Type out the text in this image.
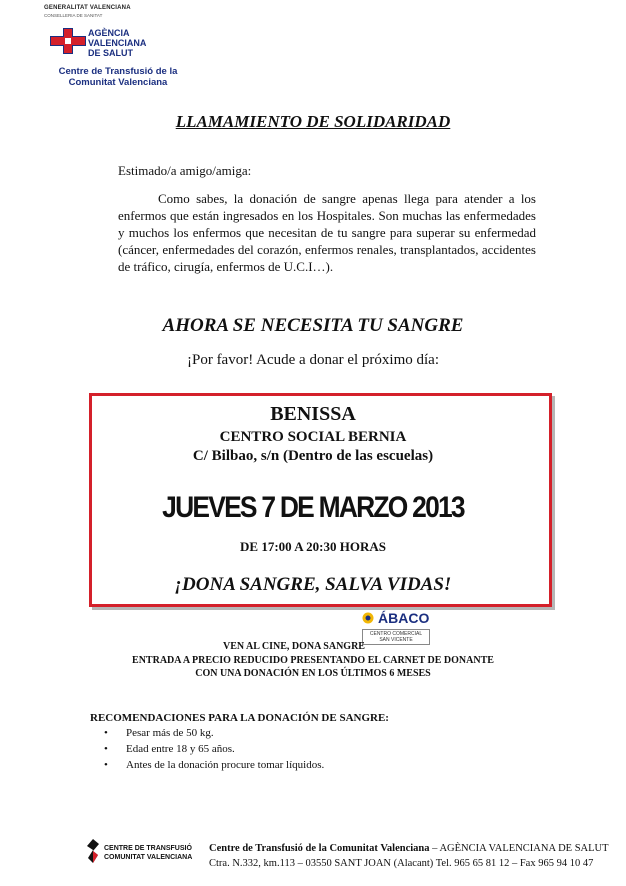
GENERALITAT VALENCIANA
CONSELLERIA DE SANITAT
AGÈNCIA
VALENCIANA
DE SALUT
Centre de Transfusió de la
Comunitat Valenciana
LLAMAMIENTO DE SOLIDARIDAD
Estimado/a amigo/amiga:
Como sabes, la donación de sangre apenas llega para atender a los enfermos que están ingresados en los Hospitales. Son muchas las enfermedades y muchos los enfermos que necesitan de tu sangre para superar su enfermedad (cáncer, enfermedades del corazón, enfermos renales, transplantados, accidentes de tráfico, cirugía, enfermos de U.C.I…).
AHORA SE NECESITA TU SANGRE
¡Por favor! Acude a donar el próximo día:
BENISSA
CENTRO SOCIAL BERNIA
C/ Bilbao, s/n (Dentro de las escuelas)
JUEVES 7 DE MARZO 2013
DE 17:00 A 20:30 HORAS
¡DONA SANGRE, SALVA VIDAS!
ÁBACO
CENTRO COMERCIAL
SAN VICENTE
VEN AL CINE, DONA SANGRE
ENTRADA A PRECIO REDUCIDO PRESENTANDO EL CARNET DE DONANTE
CON UNA DONACIÓN EN LOS ÚLTIMOS 6 MESES
RECOMENDACIONES PARA LA DONACIÓN DE SANGRE:
• Pesar más de 50 kg.
• Edad entre 18 y 65 años.
• Antes de la donación procure tomar líquidos.
CENTRE DE TRANSFUSIÓ
COMUNITAT VALENCIANA
Centre de Transfusió de la Comunitat Valenciana – AGÈNCIA VALENCIANA DE SALUT
Ctra. N.332, km.113 – 03550 SANT JOAN (Alacant) Tel. 965 65 81 12 – Fax 965 94 10 47
